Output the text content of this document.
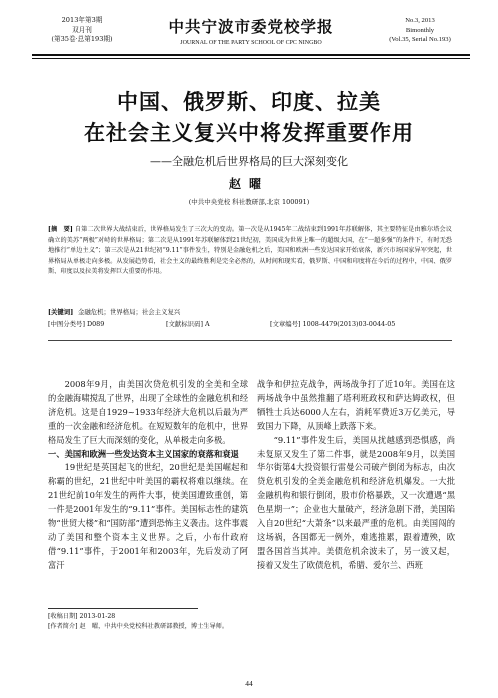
2013年第3期
双月刊
(第35卷·总第193期)
中共宁波市委党校学报
JOURNAL OF THE PARTY SCHOOL OF CPC NINGBO
No.3, 2013
Bimonthly
(Vol.35, Serial No.193)
中国、俄罗斯、印度、拉美
在社会主义复兴中将发挥重要作用
——全融危机后世界格局的巨大深刻变化
赵曜
(中共中央党校 科社教研部,北京 100091)
[摘　要] 自第二次世界大战结束后，世界格局发生了三次大的变动。第一次是从1945年二战结束到1991年苏联解体，其主要特征是由雅尔塔会议确立的美苏“两极”对峙的世界格局；第二次是从1991年苏联解体到21世纪初，美国成为世界上唯一的超级大国，在“一超多强”的条件下，有时无恐地推行“单边主义”；第三次是从21世纪初“9.11”事件发生，特别是金融危机之后，美国和欧洲一些发达国家开始衰落，新兴市场国家异军突起，世界格局从单极走向多极。从发展趋势看，社会主义的最终胜利是完全必然的，从时间和现实看，俄罗斯、中国和印度将在今后的过程中，中国、俄罗斯、印度以及拉美将发挥巨大重要的作用。
[关键词] 金融危机；世界格局；社会主义复兴
[中图分类号] D089	[文献标识码] A	[文章编号] 1008-4479(2013)03-0044-05

2008年9月，由美国次贷危机引发的全美和全球的金融海啸搅乱了世界，出现了全球性的金融危机和经济危机。这是自1929~1933年经济大危机以后最为严重的一次金融和经济危机。在短短数年的危机中，世界格局发生了巨大而深刻的变化，从单极走向多极。

一、美国和欧洲一些发达资本主义国家的衰落和衰退

19世纪是英国起飞的世纪，20世纪是美国崛起和称霸的世纪，21世纪中叶美国的霸权将难以继续。在21世纪前10年发生的两件大事，使美国遭致重创，第一件是2001年发生的“9.11”事件。美国标志性的建筑物“世贸大楼”和“国防部”遭到恐怖主义袭击。这件事震动了美国和整个资本主义世界。之后，小布什政府借“9.11”事件，于2001年和2003年，先后发动了阿富汗

战争和伊拉克战争，两场战争打了近10年。美国在这两场战争中虽然推翻了塔利班政权和萨达姆政权，但牺牲士兵达6000人左右，消耗军费近3万亿美元，导致国力下降，从顶峰上跌落下来。

“9.11”事件发生后，美国从扰越感到恐惧感，尚未复原又发生了第二件事，就是2008年9月，以美国华尔街第4大投资银行雷曼公司破产倒闭为标志，由次贷危机引发的全美金融危机和经济危机爆发。一大批金融机构和银行倒闭，股市价格暴跌，又一次遭遇“黑色星期一”；企业也大量破产，经济急剧下滑，美国陷入自20世纪“大萧条”以来最严重的危机。由美国闯的这场祸，各国都无一例外，难逃推累，跟着遭殃，欧盟各国首当其冲。美债危机余波未了，另一波又起，接着又发生了欧债危机，希腊、爱尔兰、西班

[收稿日期] 2013-01-28
[作者简介] 赵　曜，中共中央党校科社教研部教授，博士生导师。
44
